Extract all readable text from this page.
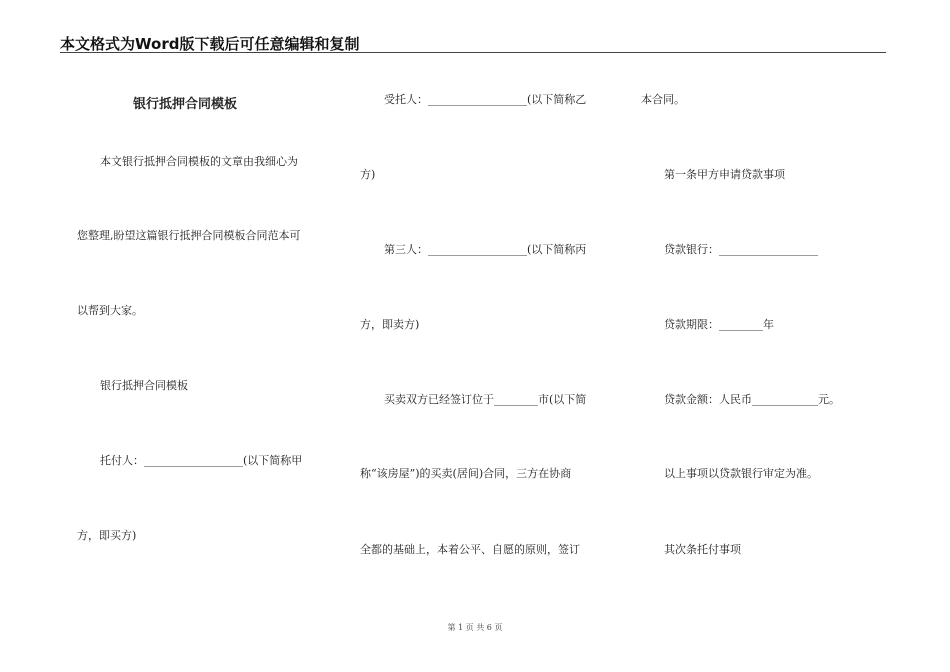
本文格式为Word版下载后可任意编辑和复制
银行抵押合同模板
本文银行抵押合同模板的文章由我细心为
您整理,盼望这篇银行抵押合同模板合同范本可
以帮到大家。
银行抵押合同模板
托付人：__________________(以下简称甲
方，即买方)
受托人：__________________(以下简称乙
方)
第三人：__________________(以下简称丙
方，即卖方)
买卖双方已经签订位于________市(以下简
称“该房屋”)的买卖(居间)合同，三方在协商
全都的基础上，本着公平、自愿的原则，签订
本合同。
第一条甲方申请贷款事项
贷款银行：__________________
贷款期限：________年
贷款金额：人民币____________元。
以上事项以贷款银行审定为准。
其次条托付事项
第 1 页 共 6 页
